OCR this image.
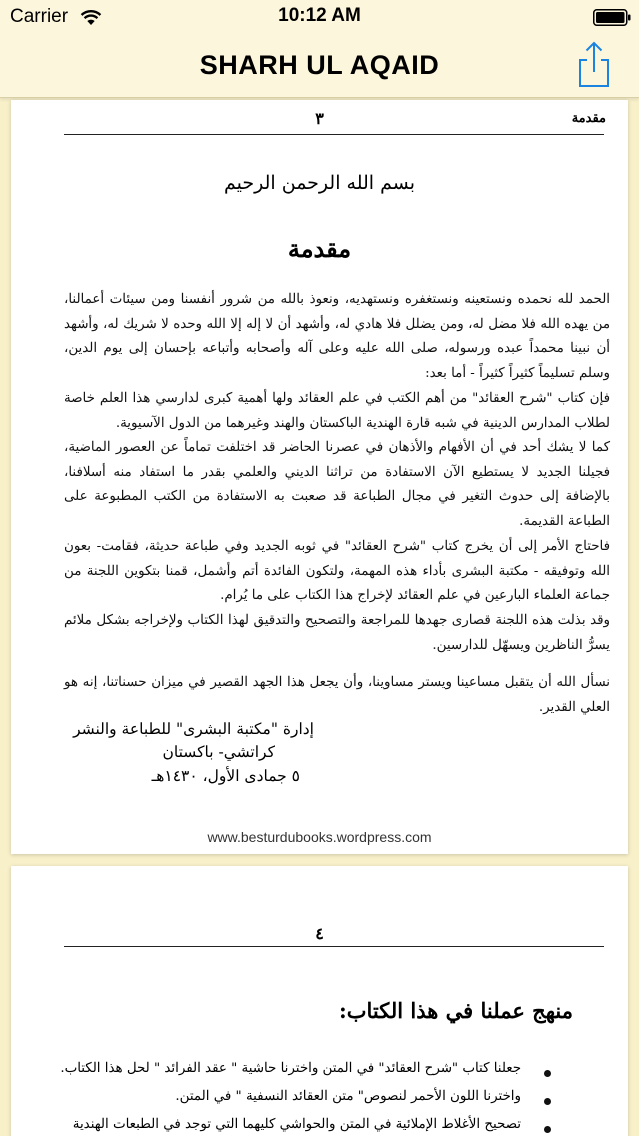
Carrier	10:12 AM
SHARH UL AQAID
مقدمة
٣
بسم الله الرحمن الرحيم
مقدمة
الحمد لله نحمده ونستعينه ونستغفره ونستهديه، ونعوذ بالله من شرور أنفسنا ومن سيئات أعمالنا، من يهده الله فلا مضل له، ومن يضلل فلا هادي له، وأشهد أن لا إله إلا الله وحده لا شريك له، وأشهد أن نبينا محمداً عبده ورسوله، صلى الله عليه وعلى آله وأصحابه وأتباعه بإحسان إلى يوم الدين، وسلم تسليماً كثيراً كثيراً - أما بعد:
فإن كتاب "شرح العقائد" من أهم الكتب في علم العقائد ولها أهمية كبرى لدارسي هذا العلم خاصة لطلاب المدارس الدينية في شبه قارة الهندية الباكستان والهند وغيرهما من الدول الآسيوية.
كما لا يشك أحد في أن الأفهام والأذهان في عصرنا الحاضر قد اختلفت تماماً عن العصور الماضية، فجيلنا الجديد لا يستطيع الآن الاستفادة من تراثنا الديني والعلمي بقدر ما استفاد منه أسلافنا، بالإضافة إلى حدوث التغير في مجال الطباعة قد صعبت به الاستفادة من الكتب المطبوعة على الطباعة القديمة.
فاحتاج الأمر إلى أن يخرج كتاب "شرح العقائد" في ثوبه الجديد وفي طباعة حديثة، فقامت- بعون الله وتوفيقه - مكتبة البشرى بأداء هذه المهمة، ولتكون الفائدة أتم وأشمل، قمنا بتكوين اللجنة من جماعة العلماء البارعين في علم العقائد لإخراج هذا الكتاب على ما يُرام.
وقد بذلت هذه اللجنة قصارى جهدها للمراجعة والتصحيح والتدقيق لهذا الكتاب ولإخراجه بشكل ملائم يسرُّ الناظرين ويسهّل للدارسين.
نسأل الله أن يتقبل مساعينا ويستر مساوينا، وأن يجعل هذا الجهد القصير في ميزان حسناتنا، إنه هو العلي القدير.
إدارة "مكتبة البشرى" للطباعة والنشر
كراتشي- باكستان
٥ جمادى الأول، ١٤٣٠هـ
www.besturdubooks.wordpress.com
٤
منهج عملنا في هذا الكتاب:
جعلنا كتاب "شرح العقائد" في المتن واخترنا حاشية " عقد الفرائد " لحل هذا الكتاب.
واخترنا اللون الأحمر لنصوص" متن العقائد النسفية " في المتن.
تصحيح الأغلاط الإملائية في المتن والحواشي كليهما التي توجد في الطبعات الهندية
